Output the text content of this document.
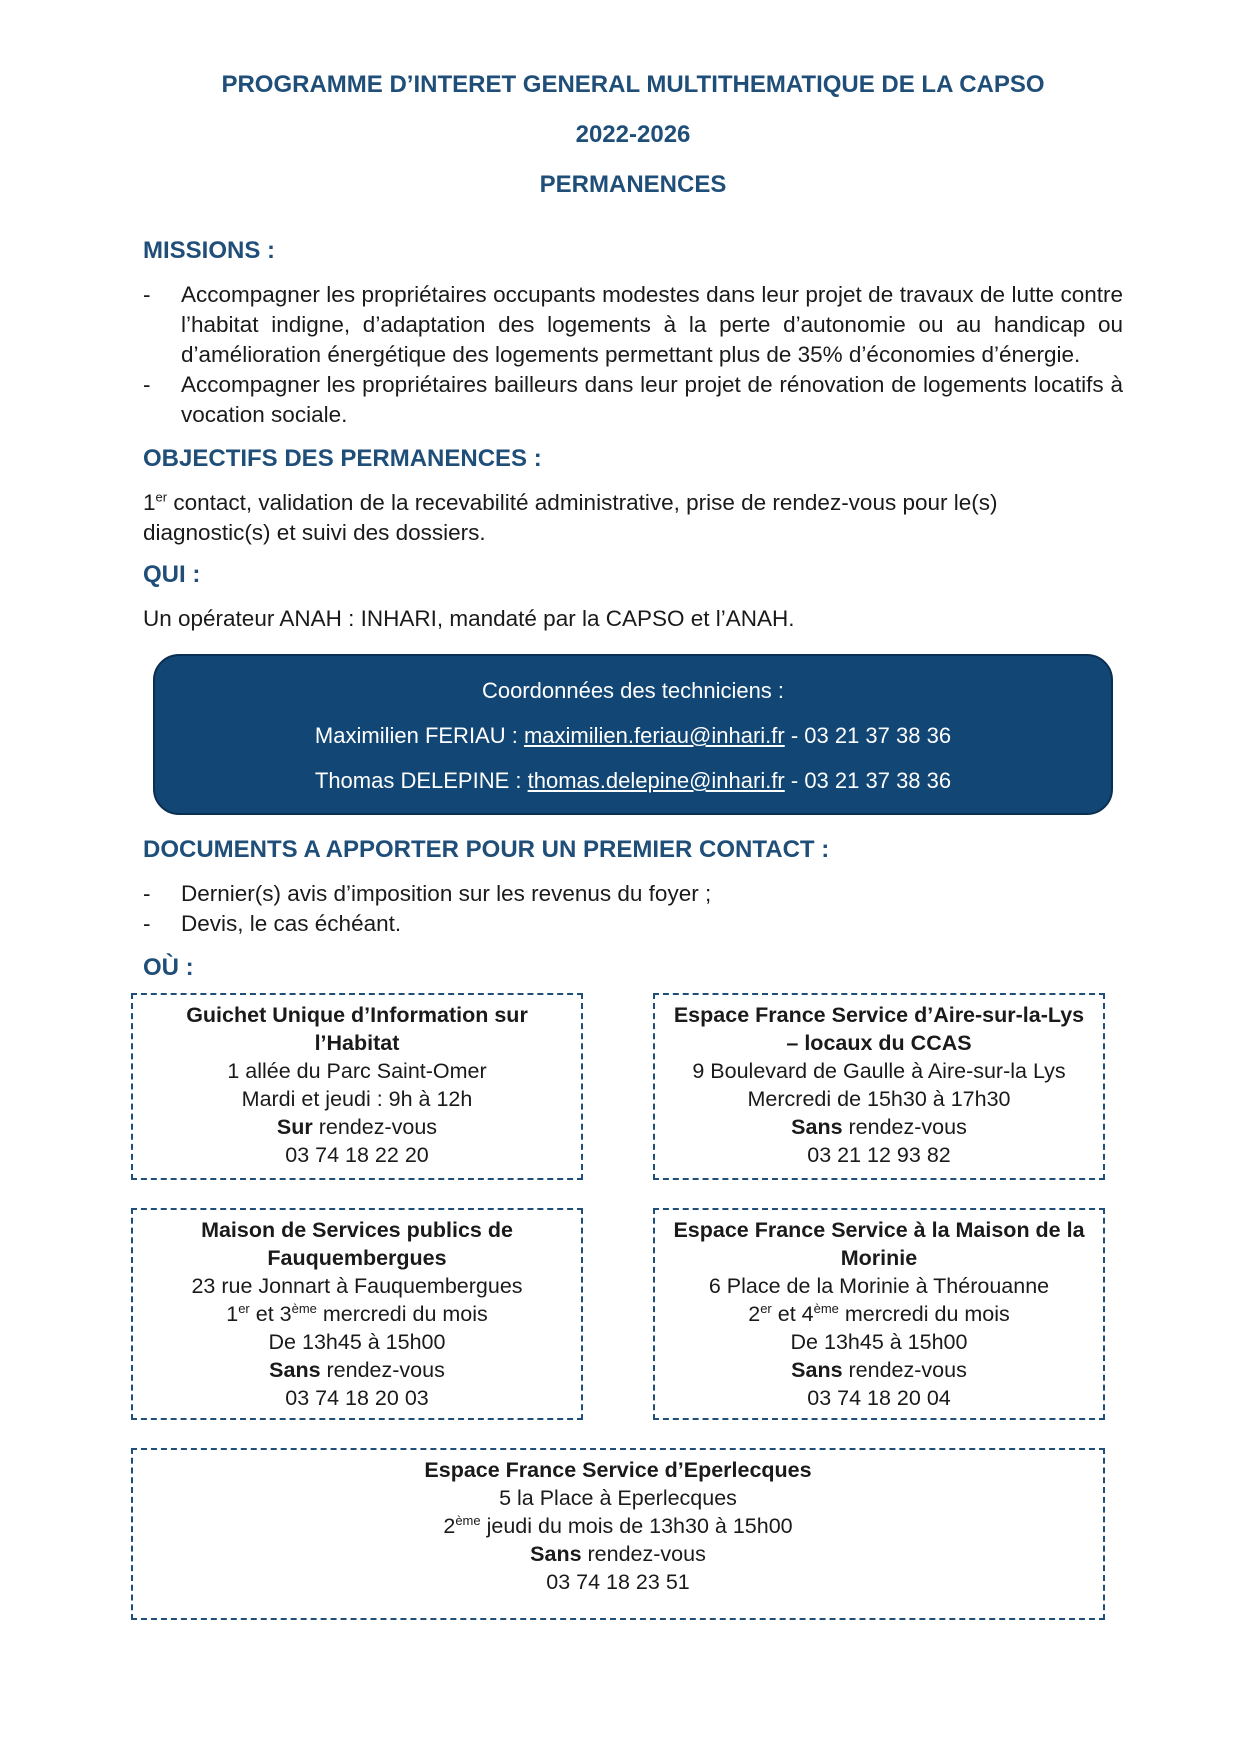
PROGRAMME D’INTERET GENERAL MULTITHEMATIQUE DE LA CAPSO
2022-2026
PERMANENCES
MISSIONS :
- Accompagner les propriétaires occupants modestes dans leur projet de travaux de lutte contre l’habitat indigne, d’adaptation des logements à la perte d’autonomie ou au handicap ou d’amélioration énergétique des logements permettant plus de 35% d’économies d’énergie.
- Accompagner les propriétaires bailleurs dans leur projet de rénovation de logements locatifs à vocation sociale.
OBJECTIFS DES PERMANENCES :

1er contact, validation de la recevabilité administrative, prise de rendez-vous pour le(s) diagnostic(s) et suivi des dossiers.

QUI :

Un opérateur ANAH : INHARI, mandaté par la CAPSO et l’ANAH.

Coordonnées des techniciens :
Maximilien FERIAU : maximilien.feriau@inhari.fr - 03 21 37 38 36
Thomas DELEPINE : thomas.delepine@inhari.fr - 03 21 37 38 36
DOCUMENTS A APPORTER POUR UN PREMIER CONTACT :
- Dernier(s) avis d’imposition sur les revenus du foyer ;
- Devis, le cas échéant.
OÙ :
Guichet Unique d’Information sur l’Habitat
1 allée du Parc Saint-Omer
Mardi et jeudi : 9h à 12h
Sur rendez-vous
03 74 18 22 20
Espace France Service d’Aire-sur-la-Lys – locaux du CCAS
9 Boulevard de Gaulle à Aire-sur-la Lys
Mercredi de 15h30 à 17h30
Sans rendez-vous
03 21 12 93 82
Maison de Services publics de Fauquembergues
23 rue Jonnart à Fauquembergues
1er et 3ème mercredi du mois
De 13h45 à 15h00
Sans rendez-vous
03 74 18 20 03
Espace France Service à la Maison de la Morinie
6 Place de la Morinie à Thérouanne
2er et 4ème mercredi du mois
De 13h45 à 15h00
Sans rendez-vous
03 74 18 20 04
Espace France Service d’Eperlecques
5 la Place à Eperlecques
2ème jeudi du mois de 13h30 à 15h00
Sans rendez-vous
03 74 18 23 51
